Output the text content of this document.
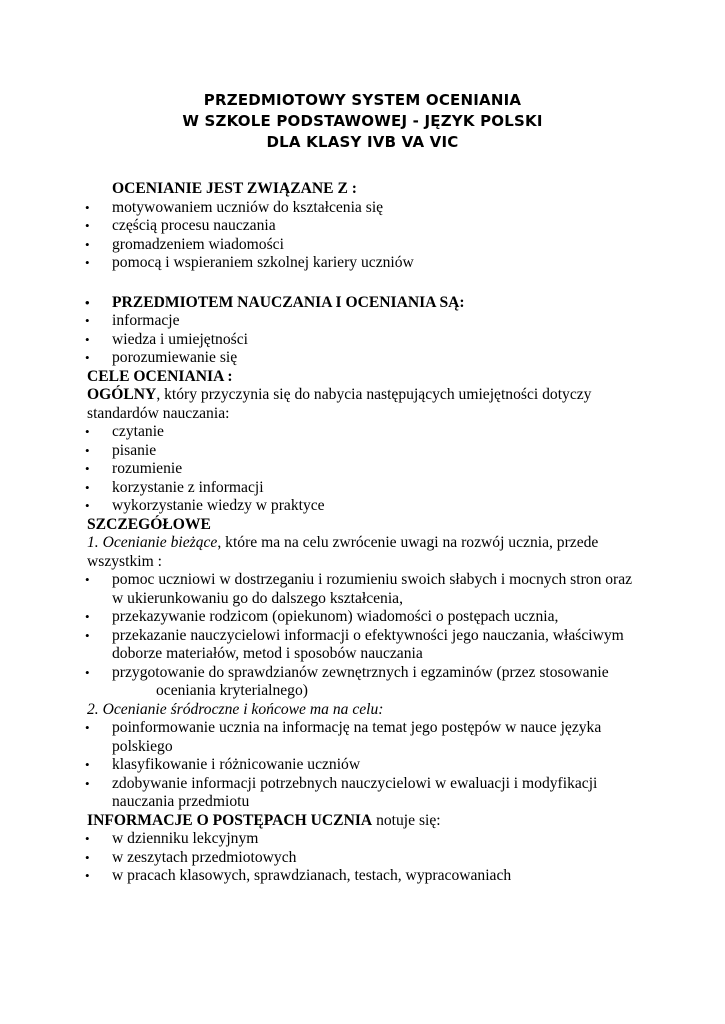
PRZEDMIOTOWY SYSTEM OCENIANIA
W SZKOLE PODSTAWOWEJ - JĘZYK POLSKI
DLA KLASY IVB VA VIC

OCENIANIE JEST ZWIĄZANE Z :

• motywowaniem uczniów do kształcenia się
• częścią procesu nauczania
• gromadzeniem wiadomości
• pomocą i wspieraniem szkolnej kariery uczniów
• PRZEDMIOTEM NAUCZANIA I OCENIANIA SĄ:
• informacje
• wiedza i umiejętności
• porozumiewanie się

CELE OCENIANIA :

OGÓLNY, który przyczynia się do nabycia następujących umiejętności dotyczy standardów nauczania:

• czytanie
• pisanie
• rozumienie
• korzystanie z informacji
• wykorzystanie wiedzy w praktyce

SZCZEGÓŁOWE

1. Ocenianie bieżące, które ma na celu zwrócenie uwagi na rozwój ucznia, przede wszystkim :

• pomoc uczniowi w dostrzeganiu i rozumieniu swoich słabych i mocnych stron oraz w ukierunkowaniu go do dalszego kształcenia,
• przekazywanie rodzicom (opiekunom) wiadomości o postępach ucznia,
• przekazanie nauczycielowi informacji o efektywności jego nauczania, właściwym doborze materiałów, metod i sposobów nauczania
• przygotowanie do sprawdzianów zewnętrznych i egzaminów (przez stosowanie
oceniania kryterialnego)

2. Ocenianie śródroczne i końcowe ma na celu:

• poinformowanie ucznia na informację na temat jego postępów w nauce języka polskiego
• klasyfikowanie i różnicowanie uczniów
• zdobywanie informacji potrzebnych nauczycielowi w ewaluacji i modyfikacji nauczania przedmiotu

INFORMACJE O POSTĘPACH UCZNIA notuje się:

• w dzienniku lekcyjnym
• w zeszytach przedmiotowych
• w pracach klasowych, sprawdzianach, testach, wypracowaniach
